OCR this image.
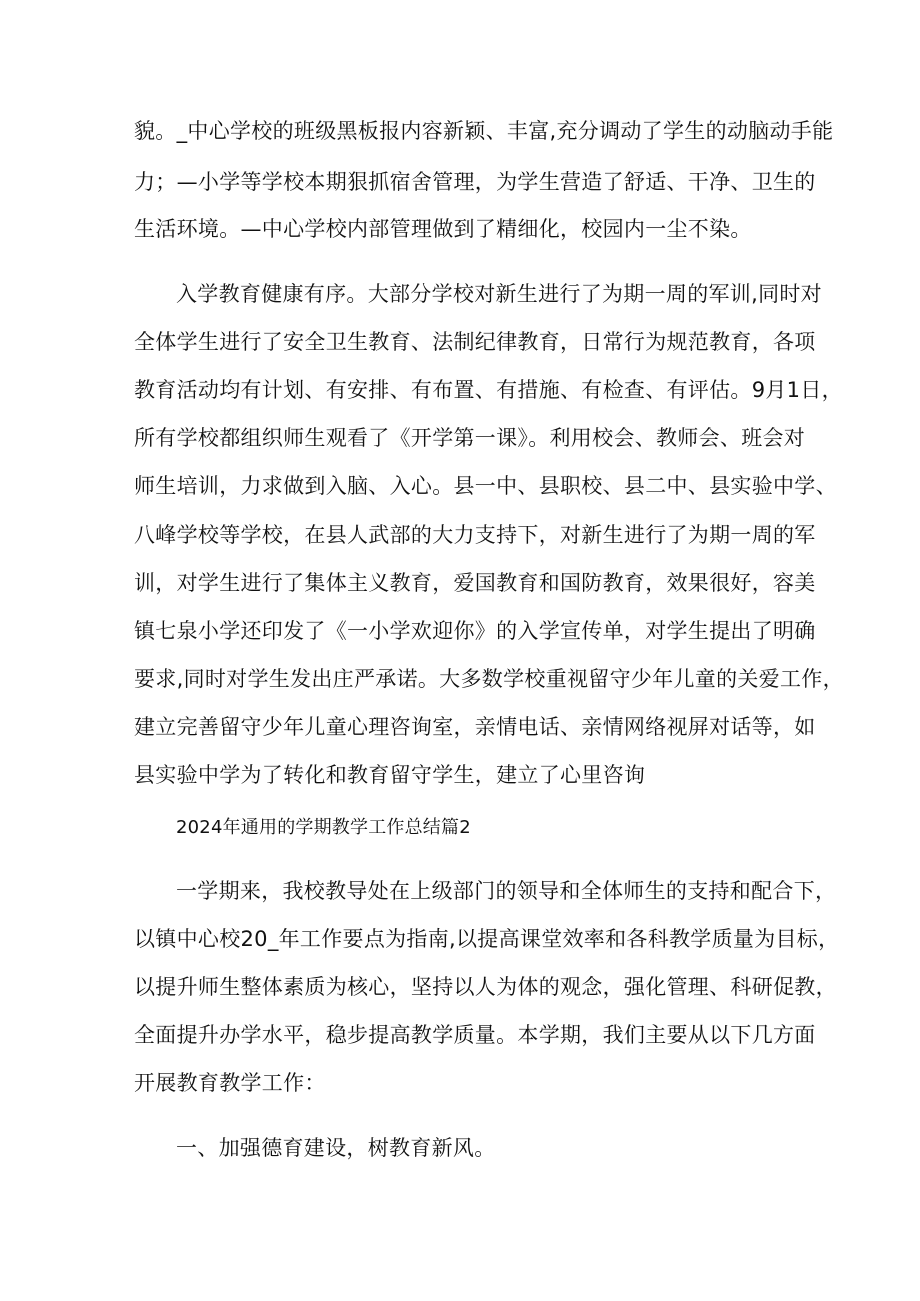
貌。_中心学校的班级黑板报内容新颖、丰富,充分调动了学生的动脑动手能
力；—小学等学校本期狠抓宿舍管理，为学生营造了舒适、干净、卫生的
生活环境。—中心学校内部管理做到了精细化，校园内一尘不染。
入学教育健康有序。大部分学校对新生进行了为期一周的军训,同时对
全体学生进行了安全卫生教育、法制纪律教育，日常行为规范教育，各项
教育活动均有计划、有安排、有布置、有措施、有检查、有评估。9月1日，
所有学校都组织师生观看了《开学第一课》。利用校会、教师会、班会对
师生培训，力求做到入脑、入心。县一中、县职校、县二中、县实验中学、
八峰学校等学校，在县人武部的大力支持下，对新生进行了为期一周的军
训，对学生进行了集体主义教育，爱国教育和国防教育，效果很好，容美
镇七泉小学还印发了《一小学欢迎你》的入学宣传单，对学生提出了明确
要求,同时对学生发出庄严承诺。大多数学校重视留守少年儿童的关爱工作，
建立完善留守少年儿童心理咨询室，亲情电话、亲情网络视屏对话等，如
县实验中学为了转化和教育留守学生，建立了心里咨询
2024年通用的学期教学工作总结篇2
一学期来，我校教导处在上级部门的领导和全体师生的支持和配合下，
以镇中心校20_年工作要点为指南,以提高课堂效率和各科教学质量为目标，
以提升师生整体素质为核心，坚持以人为体的观念，强化管理、科研促教，
全面提升办学水平，稳步提高教学质量。本学期，我们主要从以下几方面
开展教育教学工作：
一、加强德育建设，树教育新风。
